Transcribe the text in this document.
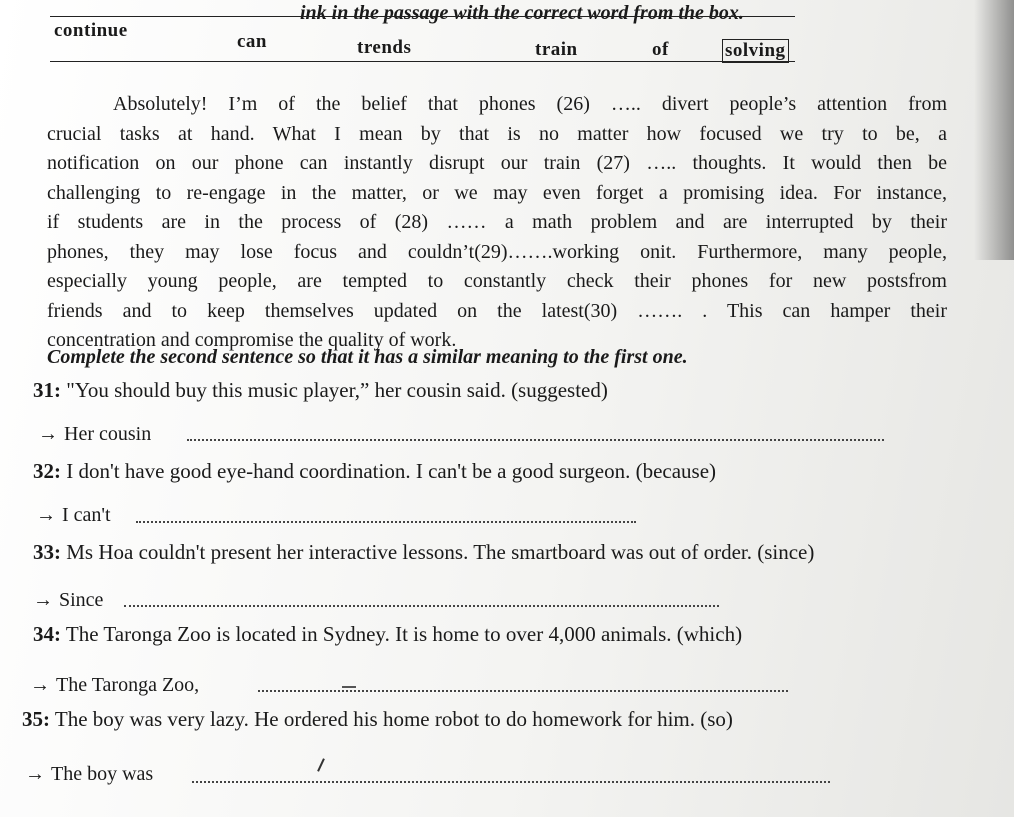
ink in the passage with the correct word from the box.
continue
can	trends	train	of	solving
Absolutely! I’m of the belief that phones (26) ….. divert people’s attention from
crucial tasks at hand. What I mean by that is no matter how focused we try to be, a
notification on our phone can instantly disrupt our train (27) ….. thoughts. It would then be
challenging to re-engage in the matter, or we may even forget a promising idea. For instance,
if students are in the process of (28) …… a math problem and are interrupted by their
phones, they may lose focus and couldn’t(29)…….working onit. Furthermore, many people,
especially young people, are tempted to constantly check their phones for new postsfrom
friends and to keep themselves updated on the latest(30) ……. . This can hamper their
concentration and compromise the quality of work.
Complete the second sentence so that it has a similar meaning to the first one.
31: "You should buy this music player,” her cousin said. (suggested)
→ Her cousin
32: I don't have good eye-hand coordination. I can't be a good surgeon. (because)
→ I can't
33: Ms Hoa couldn't present her interactive lessons. The smartboard was out of order. (since)
→ Since
34: The Taronga Zoo is located in Sydney. It is home to over 4,000 animals. (which)
→ The Taronga Zoo,
35: The boy was very lazy. He ordered his home robot to do homework for him. (so)
→ The boy was
